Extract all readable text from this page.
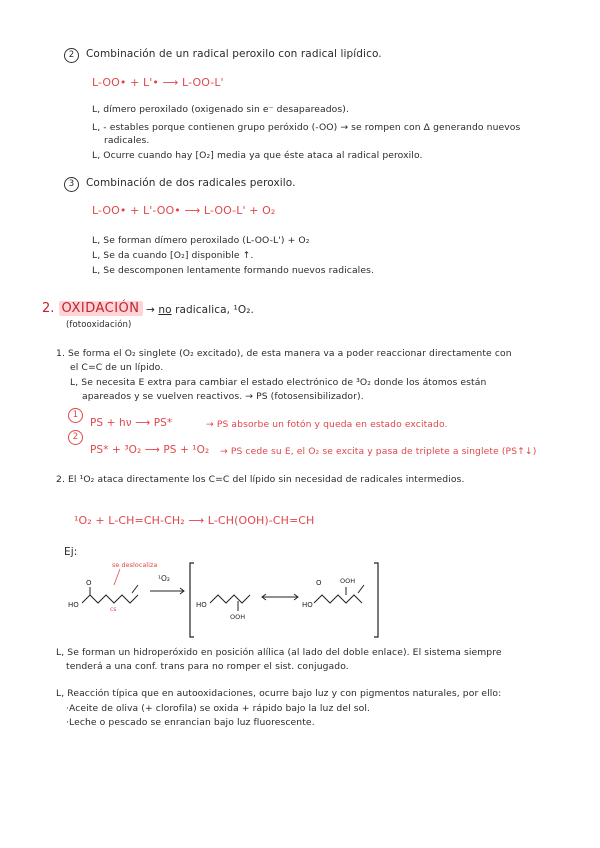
2	Combinación de un radical peroxilo con radical lipídico.
L-OO• + L'• ⟶ L-OO-L'
Ⅼ, dímero peroxilado (oxigenado sin e⁻ desapareados).
Ⅼ, - estables porque contienen grupo peróxido (-OO) → se rompen con Δ generando nuevos
radicales.
Ⅼ, Ocurre cuando hay [O₂] media ya que éste ataca al radical peroxilo.
3	Combinación de dos radicales peroxilo.
L-OO• + L'-OO• ⟶ L-OO-L' + O₂
Ⅼ, Se forman dímero peroxilado (L-OO-L') + O₂
Ⅼ, Se da cuando [O₂] disponible ↑.
Ⅼ, Se descomponen lentamente formando nuevos radicales.
2. OXIDACIÓN → no radicalica, ¹O₂.
(fotooxidación)
1. Se forma el O₂ singlete (O₂ excitado), de esta manera va a poder reaccionar directamente con
el C=C de un lípido.
Ⅼ, Se necesita E extra para cambiar el estado electrónico de ³O₂ donde los átomos están
apareados y se vuelven reactivos. → PS (fotosensibilizador).
1
PS + hν ⟶ PS*	→ PS absorbe un fotón y queda en estado excitado.
2
PS* + ³O₂ ⟶ PS + ¹O₂ → PS cede su E, el O₂ se excita y pasa de triplete a singlete (PS↑↓)
2. El ¹O₂ ataca directamente los C=C del lípido sin necesidad de radicales intermedios.
¹O₂ + L-CH=CH-CH₂ ⟶ L-CH(OOH)-CH=CH
Ej:
se deslocaliza
O
HO
cs
¹O₂
HO
OOH
O
HO
OOH
Ⅼ, Se forman un hidroperóxido en posición alílica (al lado del doble enlace). El sistema siempre
tenderá a una conf. trans para no romper el sist. conjugado.
Ⅼ, Reacción típica que en autooxidaciones, ocurre bajo luz y con pigmentos naturales, por ello:
·Aceite de oliva (+ clorofila) se oxida + rápido bajo la luz del sol.
·Leche o pescado se enrancian bajo luz fluorescente.
